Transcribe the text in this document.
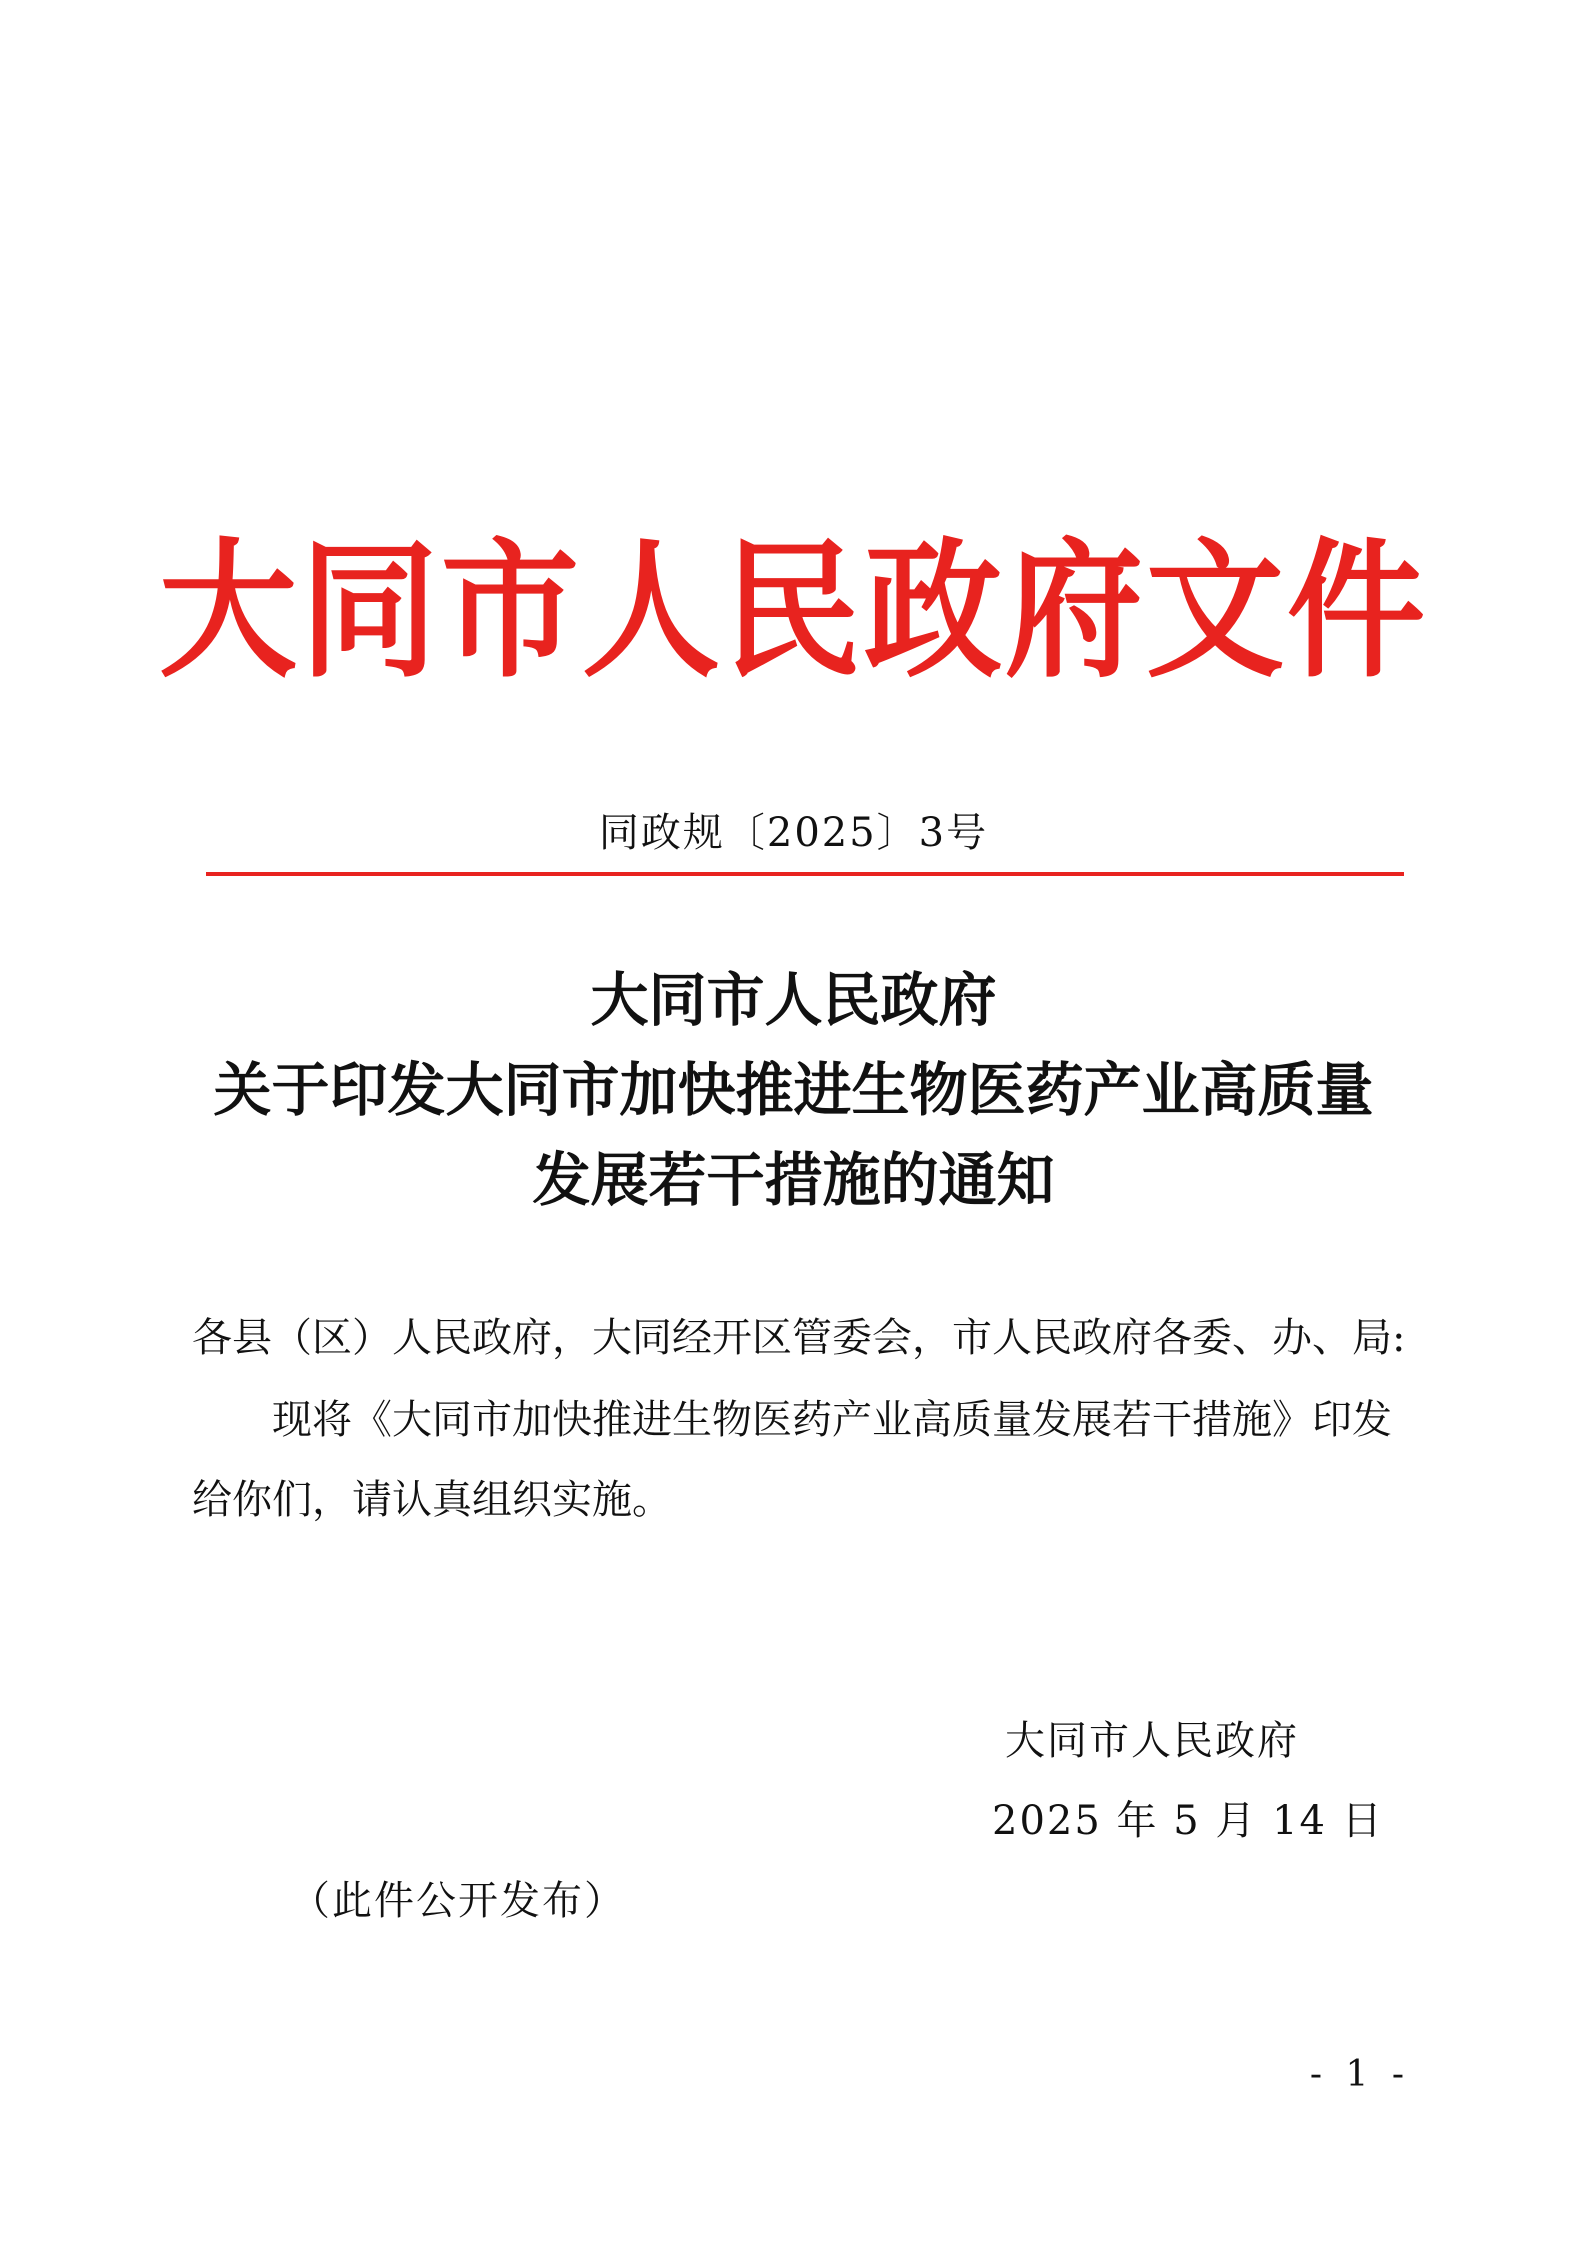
大同市人民政府文件
同政规〔2025〕3号
大同市人民政府
关于印发大同市加快推进生物医药产业高质量
发展若干措施的通知
各县（区）人民政府，大同经开区管委会，市人民政府各委、办、局:
现将《大同市加快推进生物医药产业高质量发展若干措施》印发
给你们，请认真组织实施。
大同市人民政府
2025 年 5 月 14 日
（此件公开发布）
- 1 -
